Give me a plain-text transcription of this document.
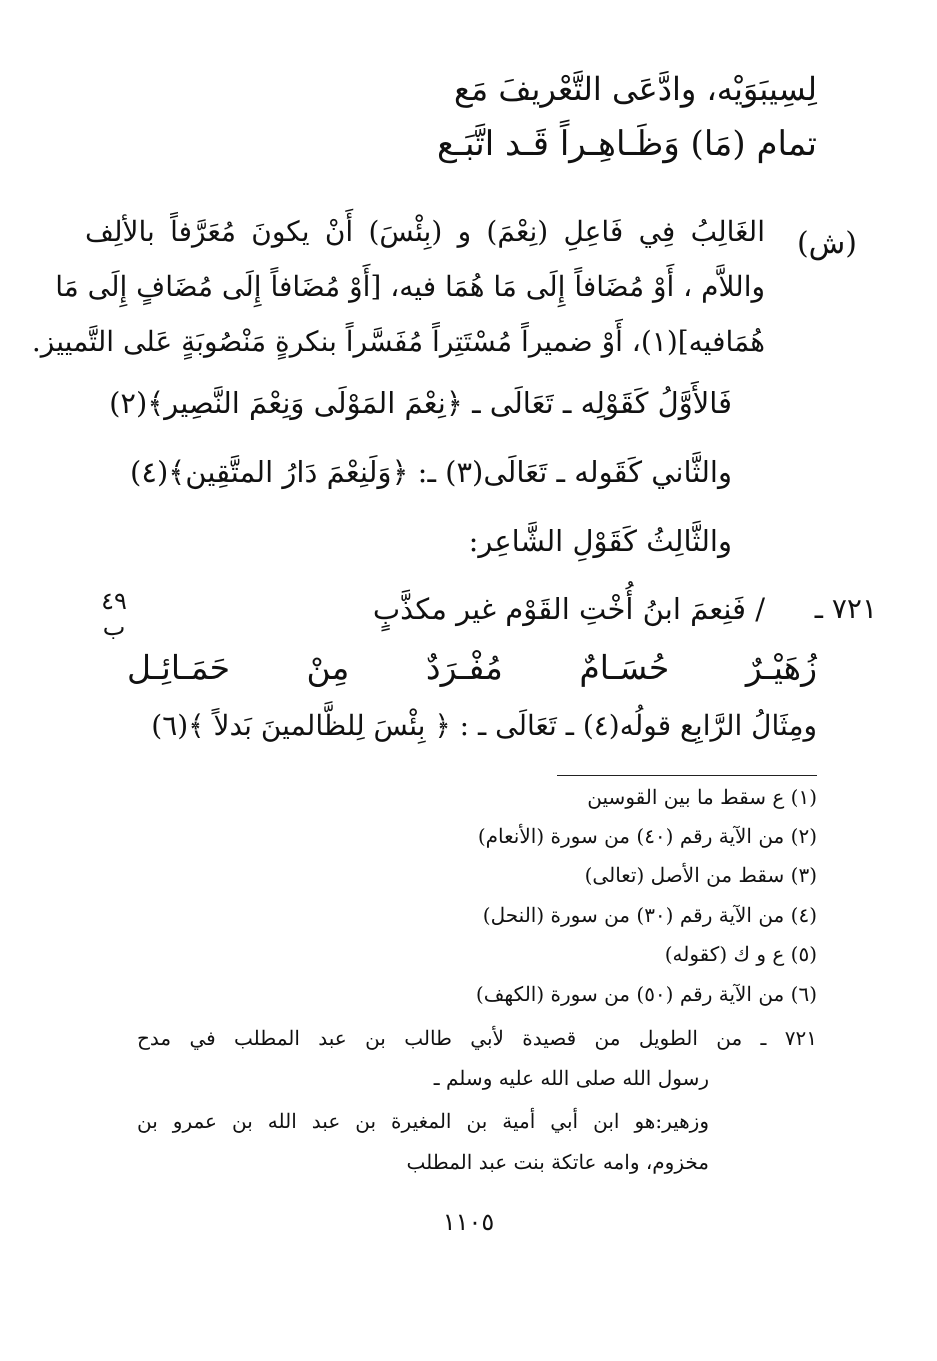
لِسِيبَوَيْه، وادَّعَى التَّعْريفَ مَع
تمام (مَا) وَظَـاهِـراً قَـد اتَّبَـع
(ش)
الغَالِبُ فِي فَاعِلِ (نِعْمَ) و (بِئْسَ) أَنْ يكونَ مُعَرَّفاً بالألِف
واللاَّم ، أَوْ مُضَافاً إِلَى مَا هُمَا فيه، [أَوْ مُضَافاً إِلَى مُضَافٍ إِلَى مَا
هُمَافيه](١)، أَوْ ضميراً مُسْتَتِراً مُفَسَّراً بنكرةٍ مَنْصُوبَةٍ عَلى التَّمييز.
فَالأَوَّلُ كَقَوْلِه ـ تَعَالَى ـ ﴿نِعْمَ المَوْلَى وَنِعْمَ النَّصِير﴾(٢)
والثَّاني كَقَوله ـ تَعَالَى(٣) ـ: ﴿وَلَنِعْمَ دَارُ المتَّقِين﴾(٤)
والثَّالِثُ كَقَوْلِ الشَّاعِر:
٧٢١ ـ
/ فَنِعمَ ابنُ أُخْتِ القَوْم غير مكذَّبٍ
زُهَيْـرٌ حُسَـامٌ مُفْـرَدٌ مِنْ حَمَـائِـل
٤٩
ب
ومِثَالُ الرَّابِع قولُه(٤) ـ تَعَالَى ـ : ﴿ بِئْسَ لِلظَّالمينَ بَدلاً ﴾(٦)
(١) ع سقط ما بين القوسين
(٢) من الآية رقم (٤٠) من سورة (الأنعام)
(٣) سقط من الأصل (تعالى)
(٤) من الآية رقم (٣٠) من سورة (النحل)
(٥) ع و ك (كقوله)
(٦) من الآية رقم (٥٠) من سورة (الكهف)
٧٢١ ـ من الطويل من قصيدة لأبي طالب بن عبد المطلب في مدح
رسول الله صلى الله عليه وسلم ـ
وزهير:هو ابن أبي أمية بن المغيرة بن عبد الله بن عمرو بن
مخزوم، وامه عاتكة بنت عبد المطلب
١١٠٥
